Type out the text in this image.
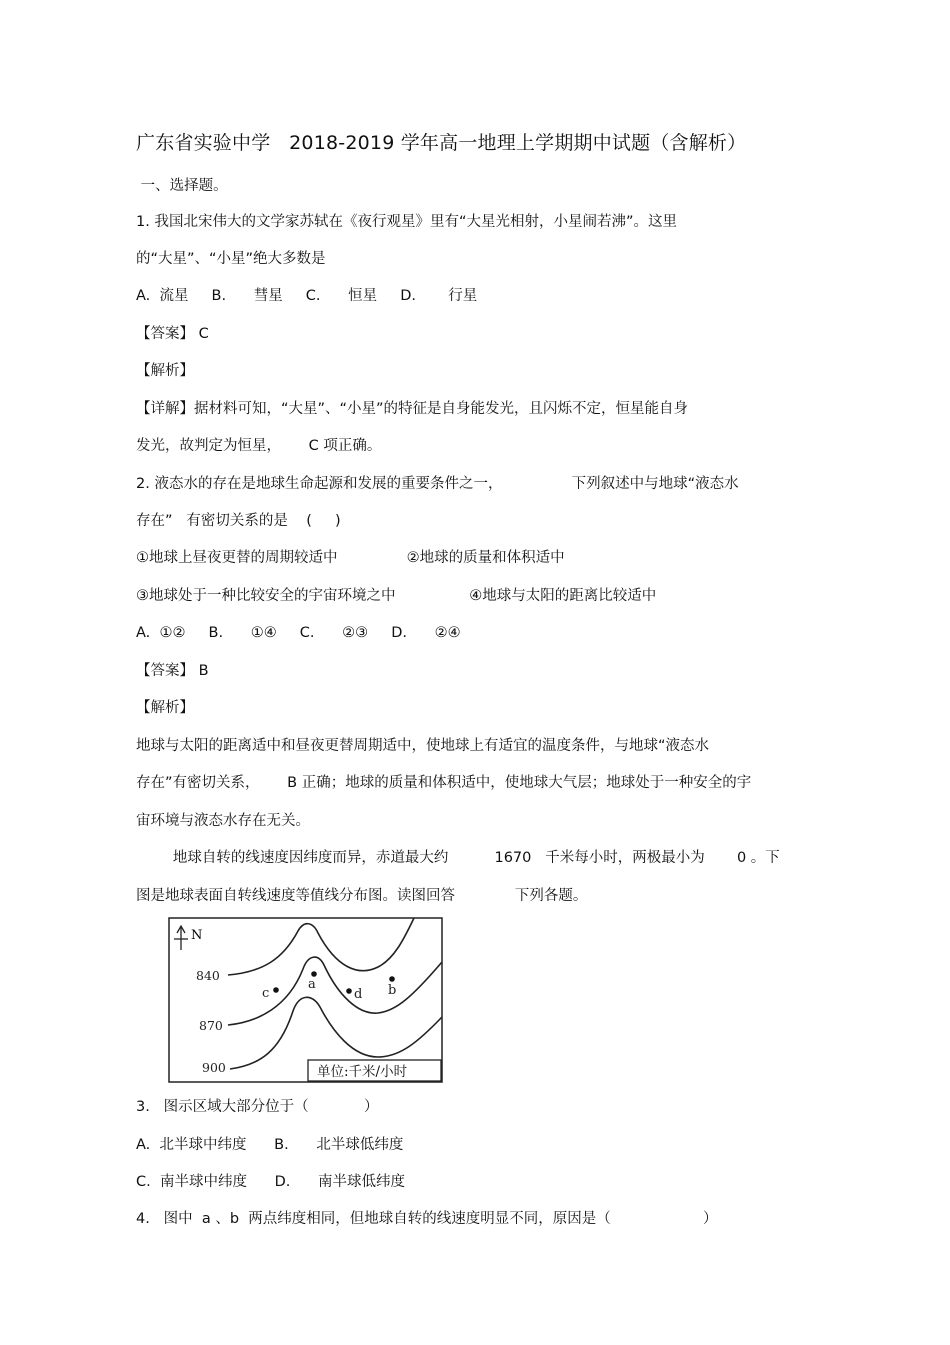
广东省实验中学   2018-2019 学年高一地理上学期期中试题（含解析）
一、选择题。
1. 我国北宋伟大的文学家苏轼在《夜行观星》里有“大星光相射，小星闹若沸”。这里
的“大星”、“小星”绝大多数是
A.  流星     B.      彗星     C.      恒星     D.       行星
【答案】 C
【解析】
【详解】据材料可知，“大星”、“小星”的特征是自身能发光，且闪烁不定，恒星能自身
发光，故判定为恒星，      C 项正确。
2. 液态水的存在是地球生命起源和发展的重要条件之一，               下列叙述中与地球“液态水
存在”   有密切关系的是    (     )
①地球上昼夜更替的周期较适中               ②地球的质量和体积适中
③地球处于一种比较安全的宇宙环境之中                ④地球与太阳的距离比较适中
A.  ①②     B.      ①④     C.      ②③     D.      ②④
【答案】 B
【解析】
地球与太阳的距离适中和昼夜更替周期适中，使地球上有适宜的温度条件，与地球“液态水
存在”有密切关系，      B 正确；地球的质量和体积适中，使地球大气层；地球处于一种安全的宇
宙环境与液态水存在无关。
地球自转的线速度因纬度而异，赤道最大约          1670   千米每小时，两极最小为       0 。下
图是地球表面自转线速度等值线分布图。读图回答             下列各题。
N
840
870
900
c
a
d b
单位:千米/小时
3.   图示区域大部分位于（            ）
A.  北半球中纬度      B.      北半球低纬度
C.  南半球中纬度      D.      南半球低纬度
4.   图中  a 、b  两点纬度相同，但地球自转的线速度明显不同，原因是（                    ）
